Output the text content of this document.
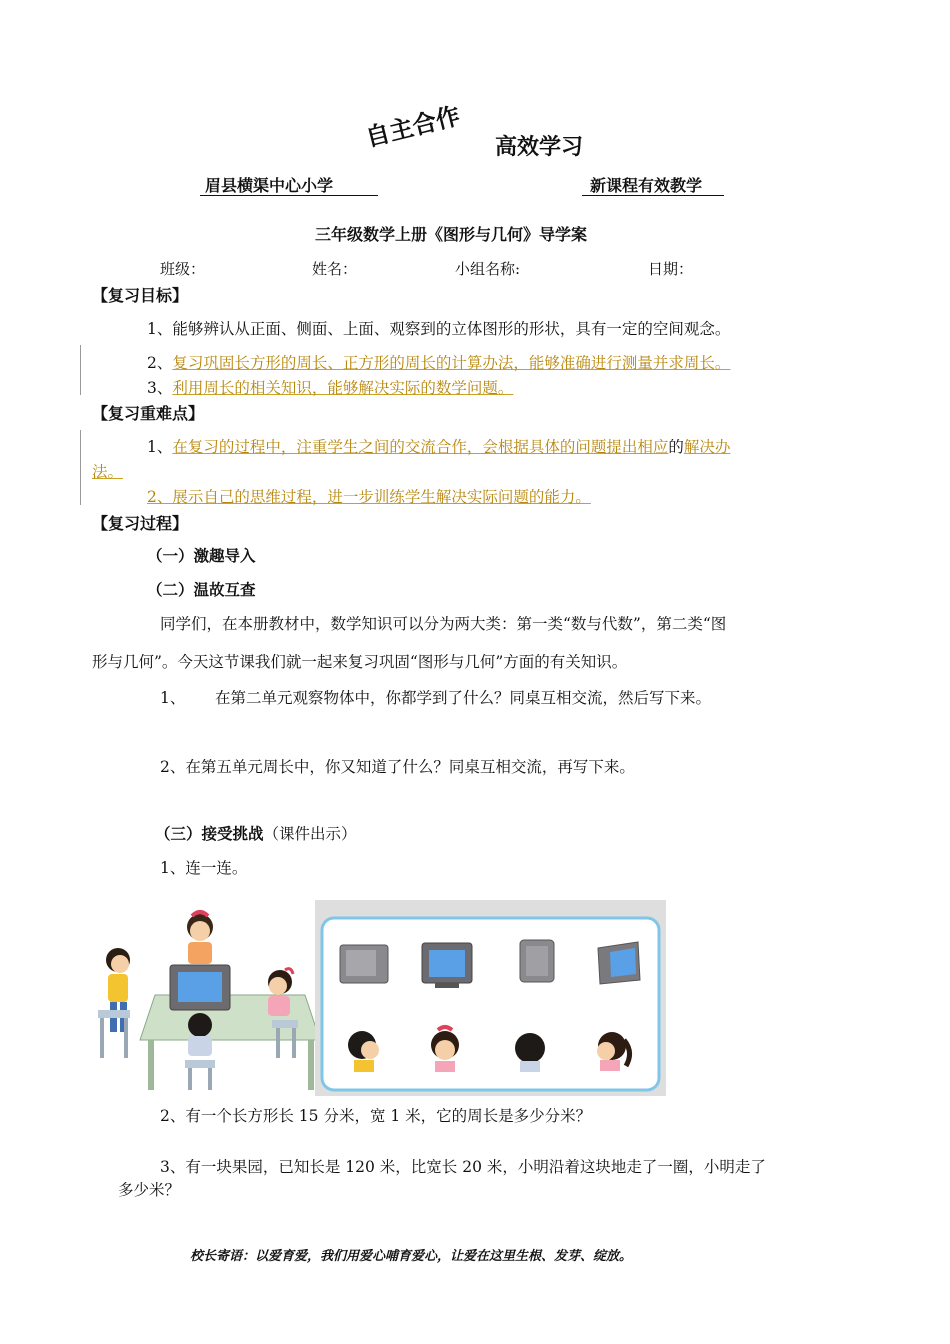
自主合作 高效学习
眉县横渠中心小学	新课程有效教学
三年级数学上册《图形与几何》导学案
班级：	姓名：	小组名称:	日期：
【复习目标】
1、能够辨认从正面、侧面、上面、观察到的立体图形的形状，具有一定的空间观念。
2、复习巩固长方形的周长、正方形的周长的计算办法，能够准确进行测量并求周长。
3、利用周长的相关知识，能够解决实际的数学问题。
【复习重难点】
1、在复习的过程中，注重学生之间的交流合作，会根据具体的问题提出相应的解决办
法。
2、展示自己的思维过程，进一步训练学生解决实际问题的能力。
【复习过程】
（一）激趣导入
（二）温故互查
同学们，在本册教材中，数学知识可以分为两大类：第一类“数与代数”，第二类“图
形与几何”。今天这节课我们就一起来复习巩固“图形与几何”方面的有关知识。
1、 在第二单元观察物体中，你都学到了什么？同桌互相交流，然后写下来。
2、在第五单元周长中，你又知道了什么？同桌互相交流，再写下来。
（三）接受挑战（课件出示）
1、连一连。
2、有一个长方形长 15 分米，宽 1 米，它的周长是多少分米？
3、有一块果园，已知长是 120 米，比宽长 20 米，小明沿着这块地走了一圈，小明走了
多少米？
校长寄语：以爱育爱，我们用爱心哺育爱心，让爱在这里生根、发芽、绽放。
